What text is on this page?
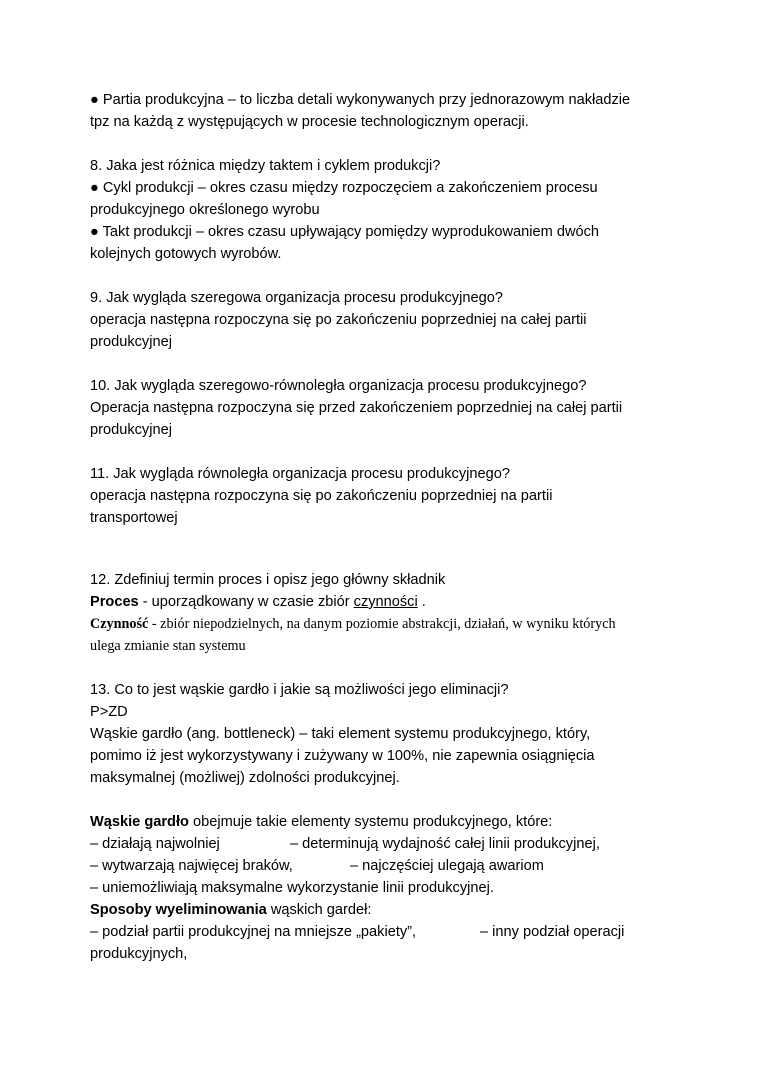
● Partia produkcyjna – to liczba detali wykonywanych przy jednorazowym nakładzie

tpz na każdą z występujących w procesie technologicznym operacji.

8. Jaka jest różnica między taktem i cyklem produkcji?

● Cykl produkcji – okres czasu między rozpoczęciem a zakończeniem procesu

produkcyjnego określonego wyrobu

● Takt produkcji – okres czasu upływający pomiędzy wyprodukowaniem dwóch

kolejnych gotowych wyrobów.

9. Jak wygląda szeregowa organizacja procesu produkcyjnego?

operacja następna rozpoczyna się po zakończeniu poprzedniej na całej partii

produkcyjnej

10. Jak wygląda szeregowo-równoległa organizacja procesu produkcyjnego?

Operacja następna rozpoczyna się przed zakończeniem poprzedniej na całej partii

produkcyjnej

11. Jak wygląda równoległa organizacja procesu produkcyjnego?

operacja następna rozpoczyna się po zakończeniu poprzedniej na partii

transportowej

12. Zdefiniuj termin proces i opisz jego główny składnik

Proces - uporządkowany w czasie zbiór czynności .

Czynność - zbiór niepodzielnych, na danym poziomie abstrakcji, działań, w wyniku których

ulega zmianie stan systemu

13. Co to jest wąskie gardło i jakie są możliwości jego eliminacji?

P>ZD

Wąskie gardło (ang. bottleneck) – taki element systemu produkcyjnego, który,

pomimo iż jest wykorzystywany i zużywany w 100%, nie zapewnia osiągnięcia

maksymalnej (możliwej) zdolności produkcyjnej.

Wąskie gardło obejmuje takie elementy systemu produkcyjnego, które:

– działają najwolniej	– determinują wydajność całej linii produkcyjnej,

– wytwarzają najwięcej braków,	– najczęściej ulegają awariom

– uniemożliwiają maksymalne wykorzystanie linii produkcyjnej.

Sposoby wyeliminowania wąskich gardeł:

– podział partii produkcyjnej na mniejsze „pakiety”,	– inny podział operacji

produkcyjnych,
